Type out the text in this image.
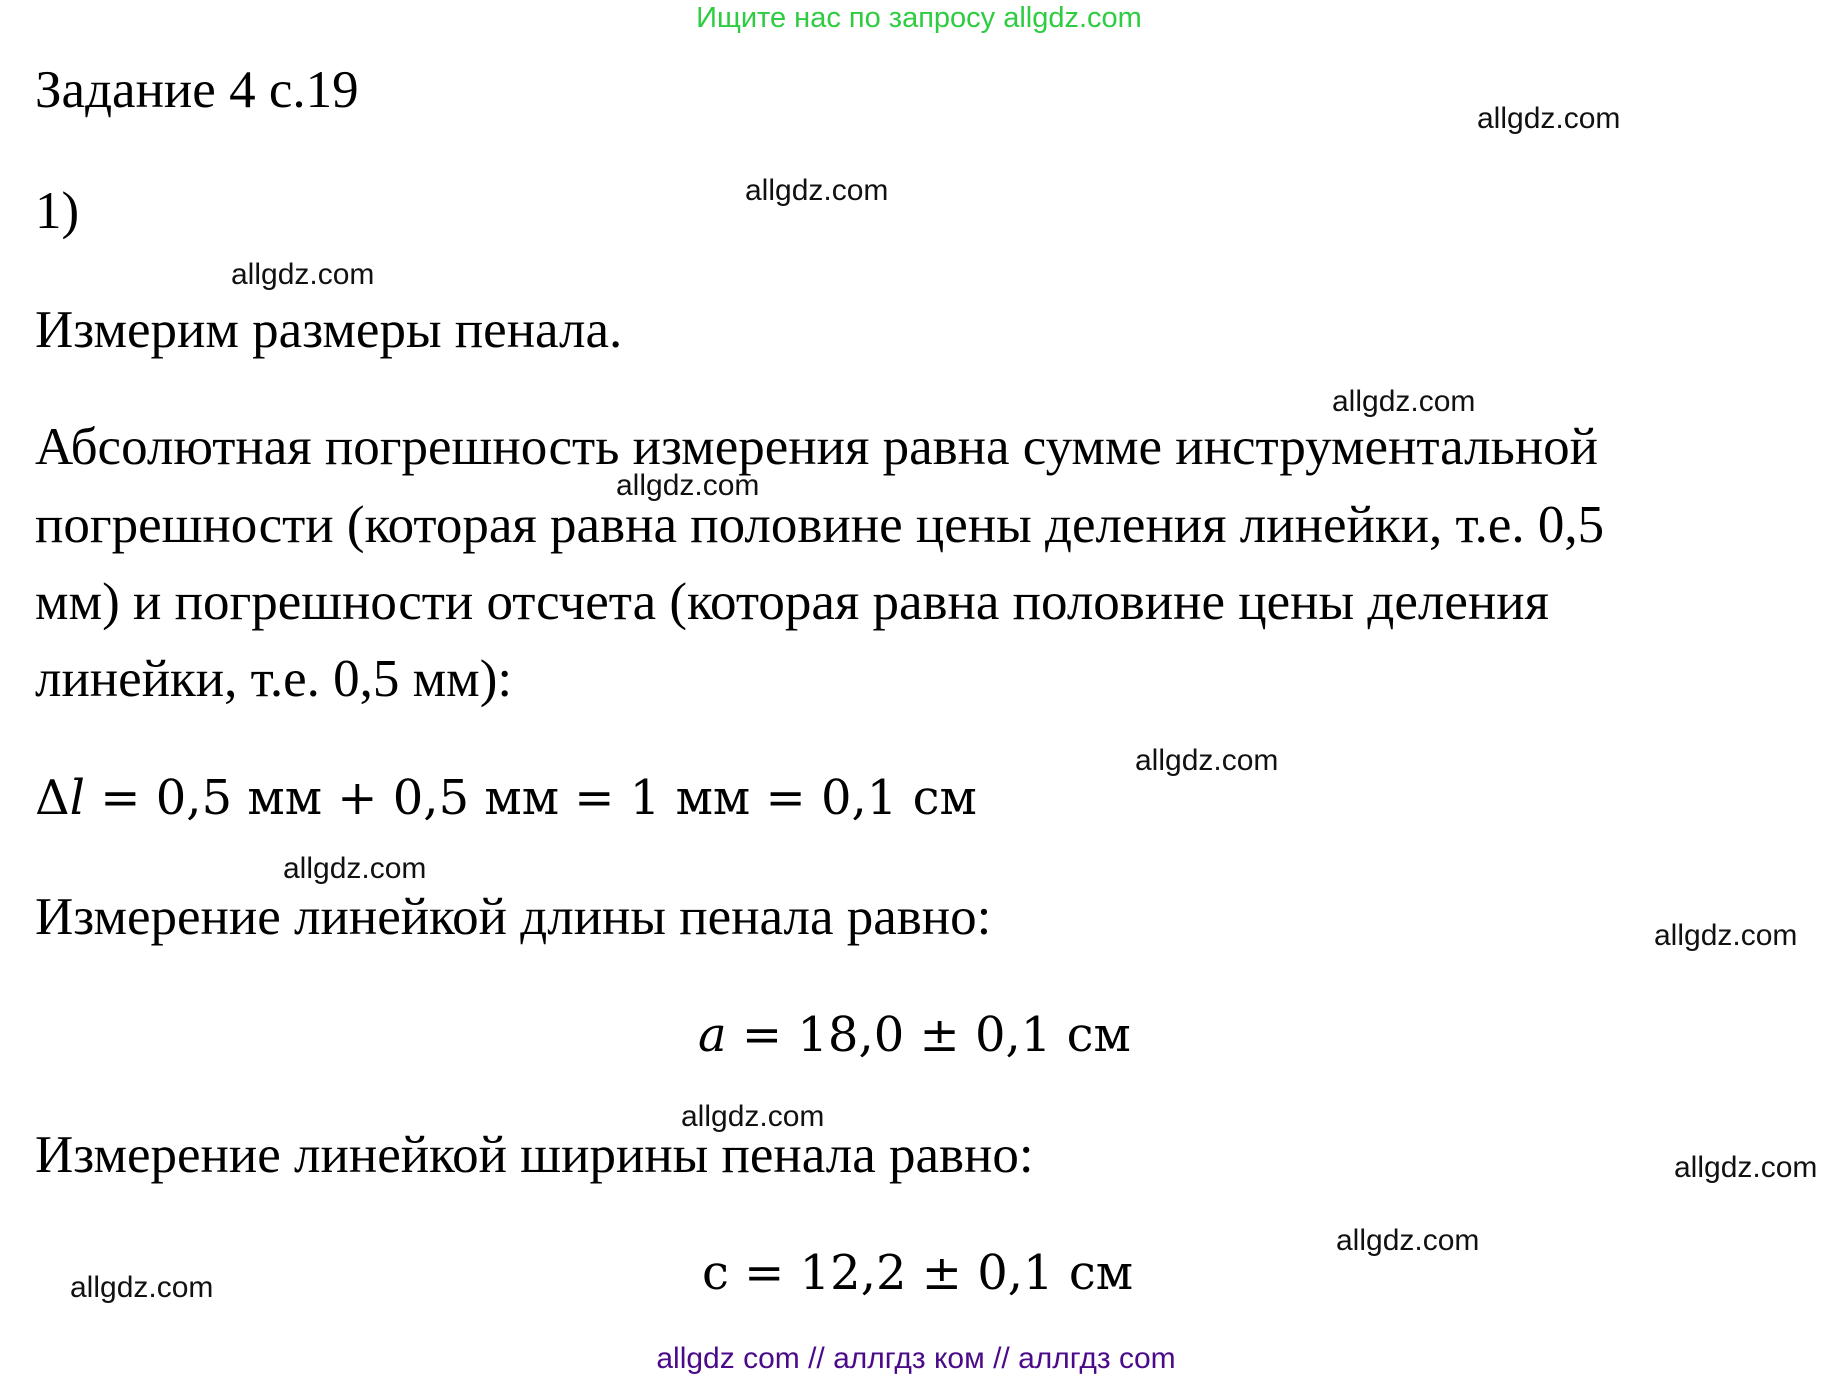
Ищите нас по запросу allgdz.com
Задание 4 с.19
1)
Измерим размеры пенала.
Абсолютная погрешность измерения равна сумме инструментальной
погрешности (которая равна половине цены деления линейки, т.е. 0,5
мм) и погрешности отсчета (которая равна половине цены деления
линейки, т.е. 0,5 мм):
Δl = 0,5 мм + 0,5 мм = 1 мм = 0,1 см
Измерение линейкой длины пенала равно:
a = 18,0 ± 0,1 см
Измерение линейкой ширины пенала равно:
c = 12,2 ± 0,1 см
allgdz.com
allgdz.com
allgdz.com
allgdz.com
allgdz.com
allgdz.com
allgdz.com
allgdz.com
allgdz.com
allgdz.com
allgdz.com
allgdz.com
allgdz com // аллгдз ком // аллгдз com
